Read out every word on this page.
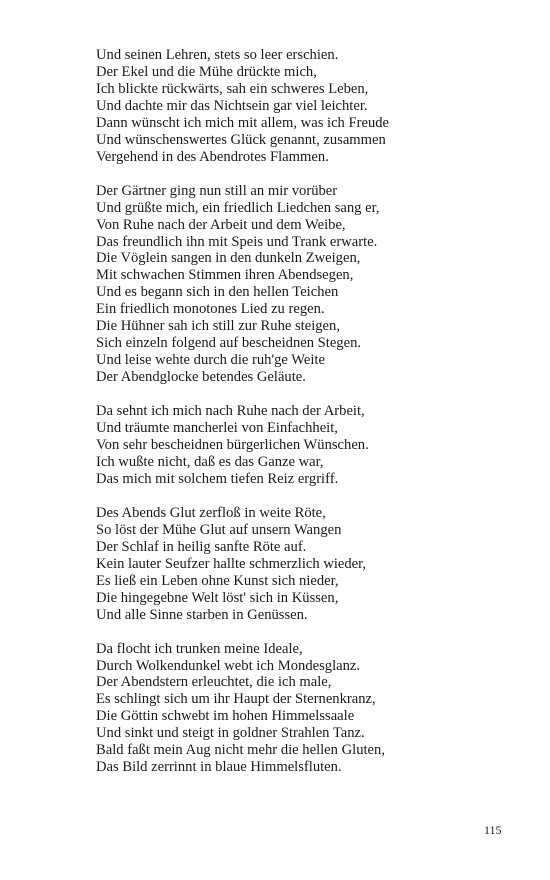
Und seinen Lehren, stets so leer erschien.
Der Ekel und die Mühe drückte mich,
Ich blickte rückwärts, sah ein schweres Leben,
Und dachte mir das Nichtsein gar viel leichter.
Dann wünscht ich mich mit allem, was ich Freude
Und wünschenswertes Glück genannt, zusammen
Vergehend in des Abendrotes Flammen.
Der Gärtner ging nun still an mir vorüber
Und grüßte mich, ein friedlich Liedchen sang er,
Von Ruhe nach der Arbeit und dem Weibe,
Das freundlich ihn mit Speis und Trank erwarte.
Die Vöglein sangen in den dunkeln Zweigen,
Mit schwachen Stimmen ihren Abendsegen,
Und es begann sich in den hellen Teichen
Ein friedlich monotones Lied zu regen.
Die Hühner sah ich still zur Ruhe steigen,
Sich einzeln folgend auf bescheidnen Stegen.
Und leise wehte durch die ruh'ge Weite
Der Abendglocke betendes Geläute.
Da sehnt ich mich nach Ruhe nach der Arbeit,
Und träumte mancherlei von Einfachheit,
Von sehr bescheidnen bürgerlichen Wünschen.
Ich wußte nicht, daß es das Ganze war,
Das mich mit solchem tiefen Reiz ergriff.
Des Abends Glut zerfloß in weite Röte,
So löst der Mühe Glut auf unsern Wangen
Der Schlaf in heilig sanfte Röte auf.
Kein lauter Seufzer hallte schmerzlich wieder,
Es ließ ein Leben ohne Kunst sich nieder,
Die hingegebne Welt löst' sich in Küssen,
Und alle Sinne starben in Genüssen.
Da flocht ich trunken meine Ideale,
Durch Wolkendunkel webt ich Mondesglanz.
Der Abendstern erleuchtet, die ich male,
Es schlingt sich um ihr Haupt der Sternenkranz,
Die Göttin schwebt im hohen Himmelssaale
Und sinkt und steigt in goldner Strahlen Tanz.
Bald faßt mein Aug nicht mehr die hellen Gluten,
Das Bild zerrinnt in blaue Himmelsfluten.
115
